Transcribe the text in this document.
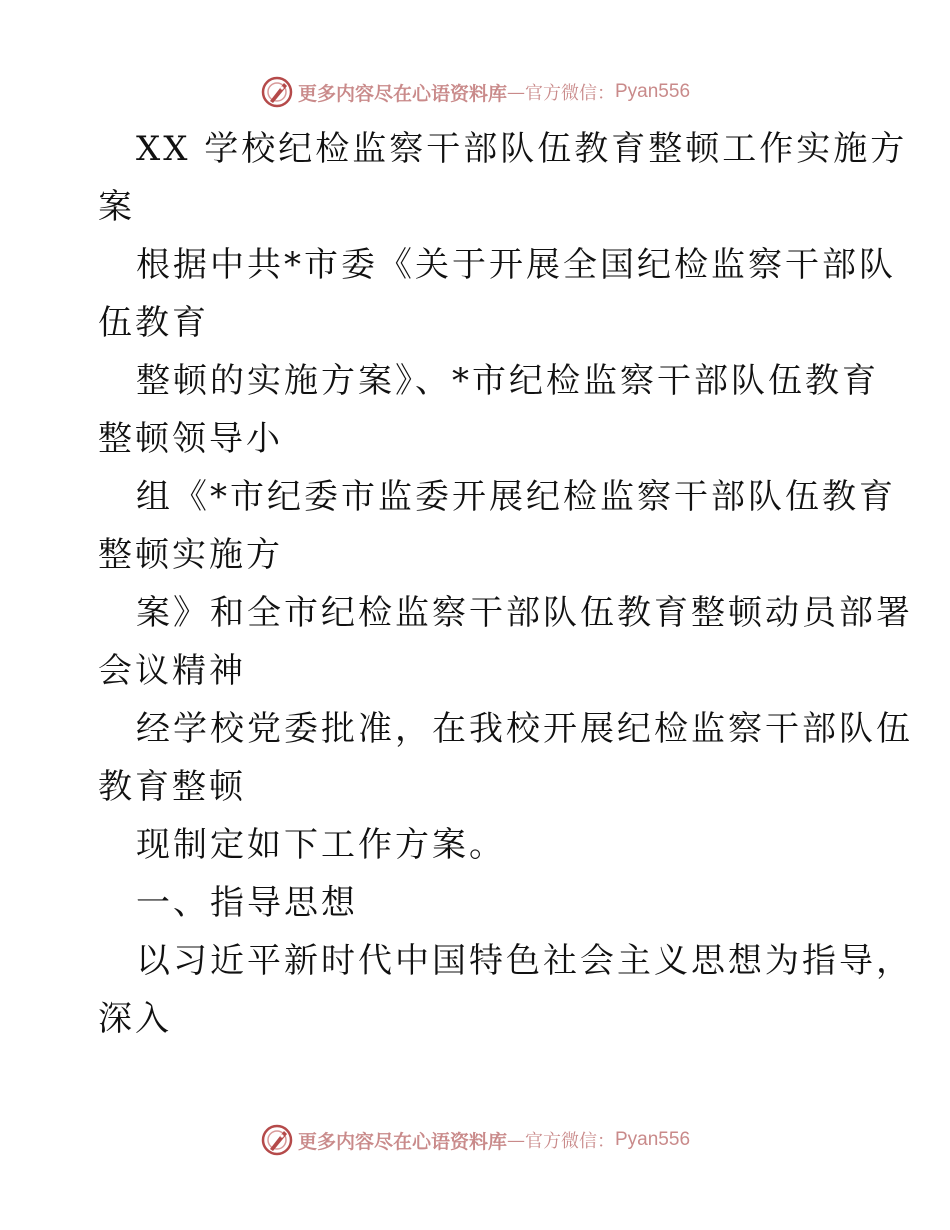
更多内容尽在心语资料库 — 官方微信： Pyan556
XX 学校纪检监察干部队伍教育整顿工作实施方
案
根据中共*市委《关于开展全国纪检监察干部队
伍教育
整顿的实施方案》、*市纪检监察干部队伍教育
整顿领导小
组《*市纪委市监委开展纪检监察干部队伍教育
整顿实施方
案》和全市纪检监察干部队伍教育整顿动员部署
会议精神
经学校党委批准，在我校开展纪检监察干部队伍
教育整顿
现制定如下工作方案。
一、指导思想
以习近平新时代中国特色社会主义思想为指导，
深入
更多内容尽在心语资料库 — 官方微信： Pyan556
